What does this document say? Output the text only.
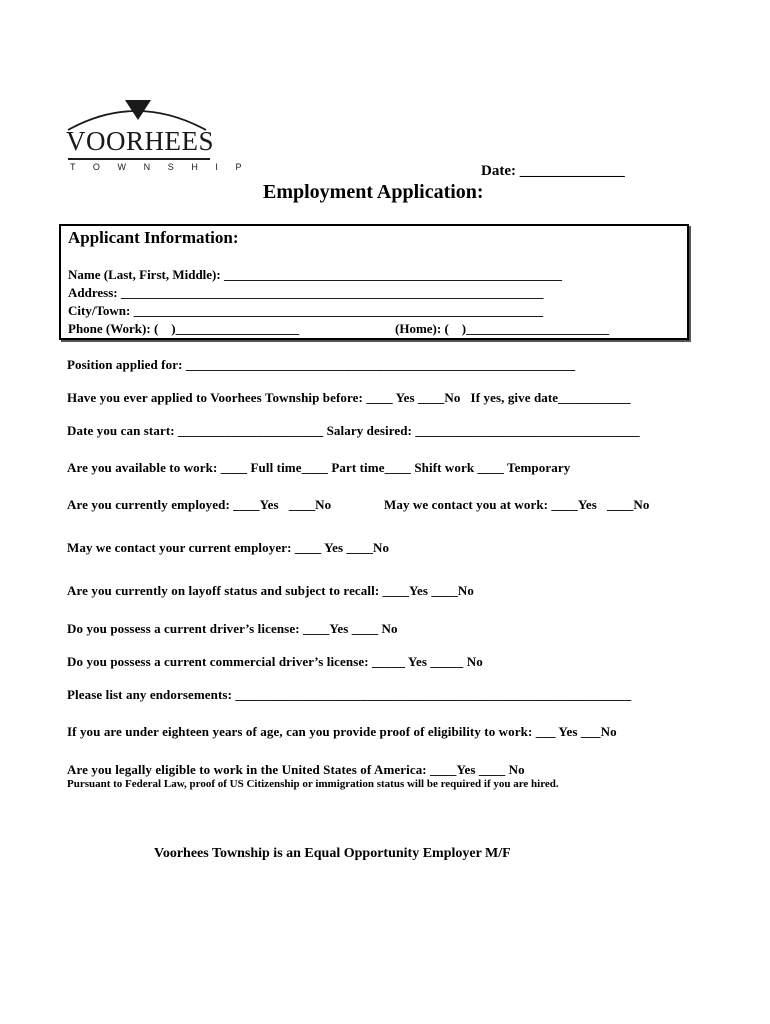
VOORHEES
TOWNSHIP	Date: ______________
Employment Application:
Applicant Information:
Name (Last, First, Middle): ____________________________________________________
Address: _________________________________________________________________
City/Town: _______________________________________________________________
Phone (Work): (    )___________________	(Home): (    )______________________
Position applied for: ___________________________________________________________
Have you ever applied to Voorhees Township before: ____ Yes ____No   If yes, give date___________
Date you can start: ______________________ Salary desired: __________________________________
Are you available to work: ____ Full time____ Part time____ Shift work ____ Temporary
Are you currently employed: ____Yes   ____No	May we contact you at work: ____Yes   ____No
May we contact your current employer: ____ Yes ____No
Are you currently on layoff status and subject to recall: ____Yes ____No
Do you possess a current driver’s license: ____Yes ____ No
Do you possess a current commercial driver’s license: _____ Yes _____ No
Please list any endorsements: ____________________________________________________________
If you are under eighteen years of age, can you provide proof of eligibility to work: ___ Yes ___No
Are you legally eligible to work in the United States of America: ____Yes ____ No
Pursuant to Federal Law, proof of US Citizenship or immigration status will be required if you are hired.
Voorhees Township is an Equal Opportunity Employer M/F
